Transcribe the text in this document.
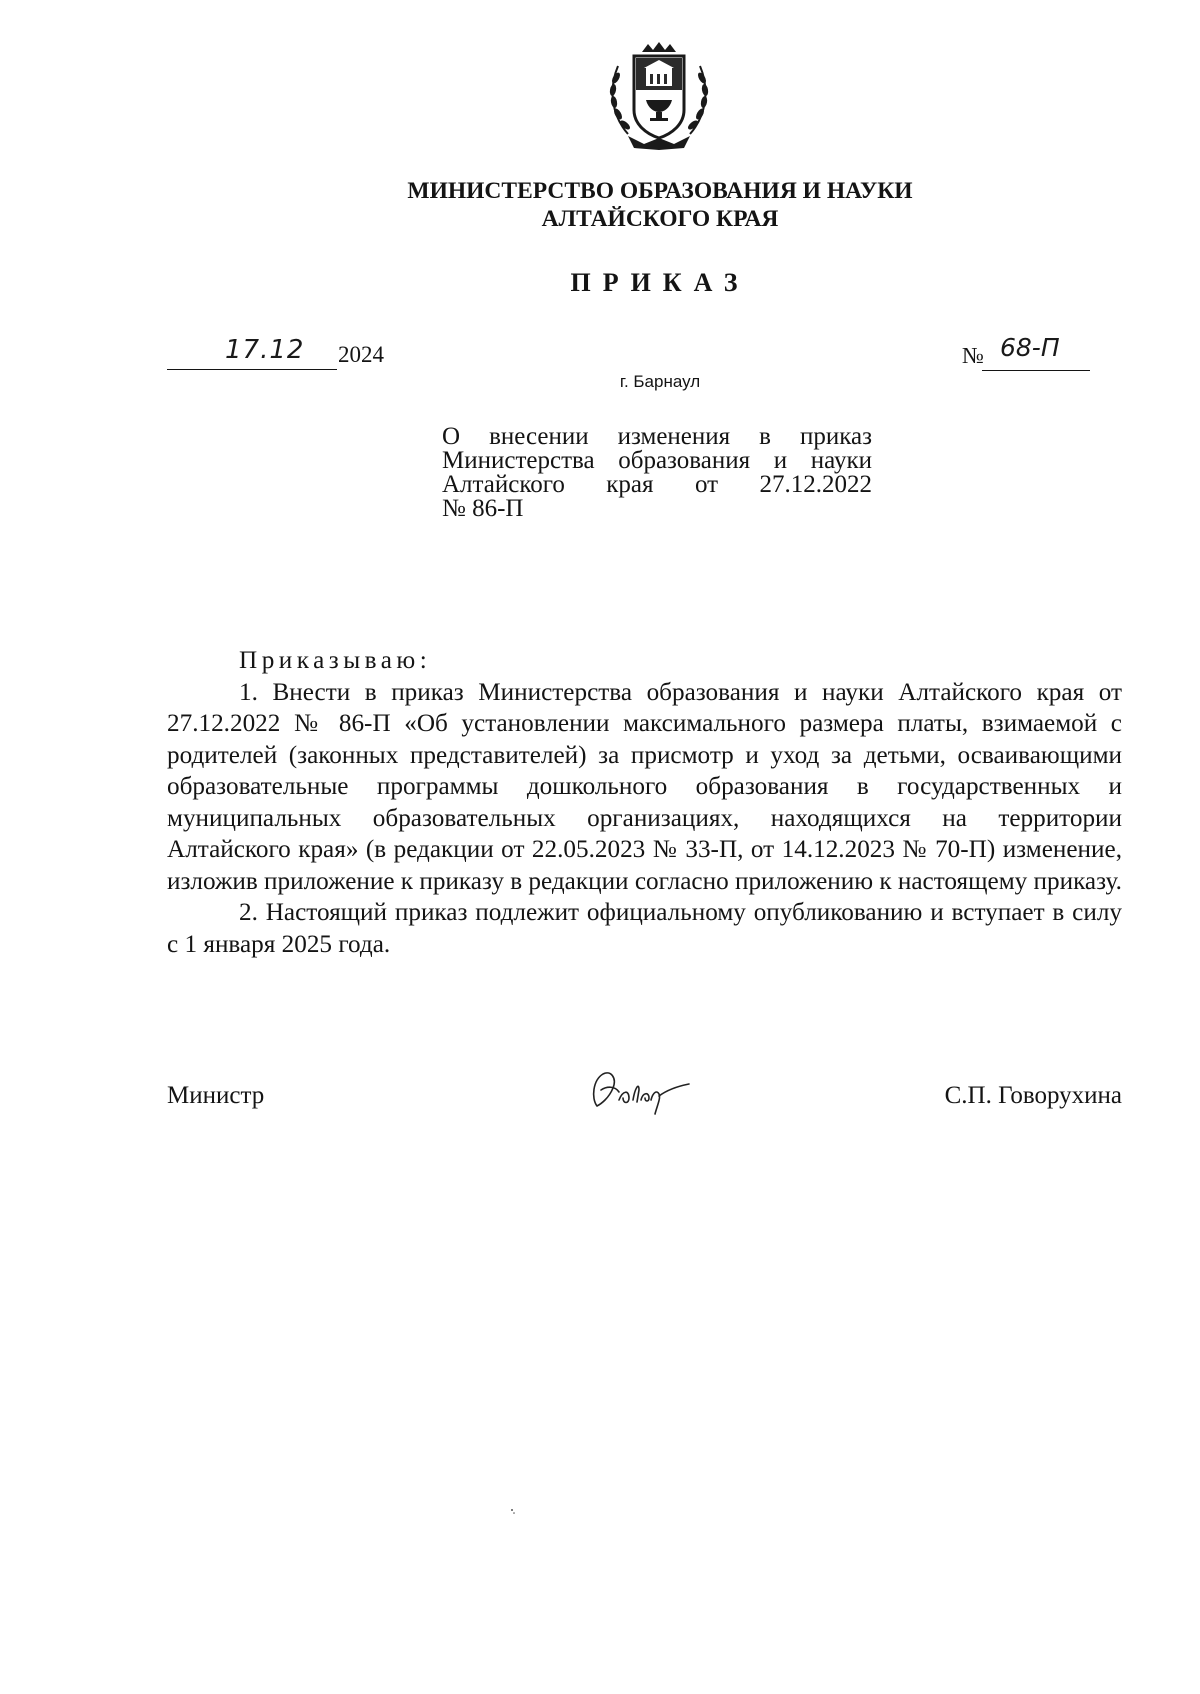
МИНИСТЕРСТВО ОБРАЗОВАНИЯ И НАУКИ
АЛТАЙСКОГО КРАЯ
ПРИКАЗ
17.12 2024	№ 68-П
г. Барнаул
О внесении изменения в приказ
Министерства образования и науки
Алтайского края от 27.12.2022
№ 86-П
Приказываю:

1. Внести в приказ Министерства образования и науки Алтайского края от 27.12.2022 № 86-П «Об установлении максимального размера платы, взимаемой с родителей (законных представителей) за присмотр и уход за детьми, осваивающими образовательные программы дошкольного образования в государственных и муниципальных образовательных организациях, находящихся на территории Алтайского края» (в редакции от 22.05.2023 № 33-П, от 14.12.2023 № 70-П) изменение, изложив приложение к приказу в редакции согласно приложению к настоящему приказу.

2. Настоящий приказ подлежит официальному опубликованию и вступает в силу с 1 января 2025 года.

Министр	С.П. Говорухина
